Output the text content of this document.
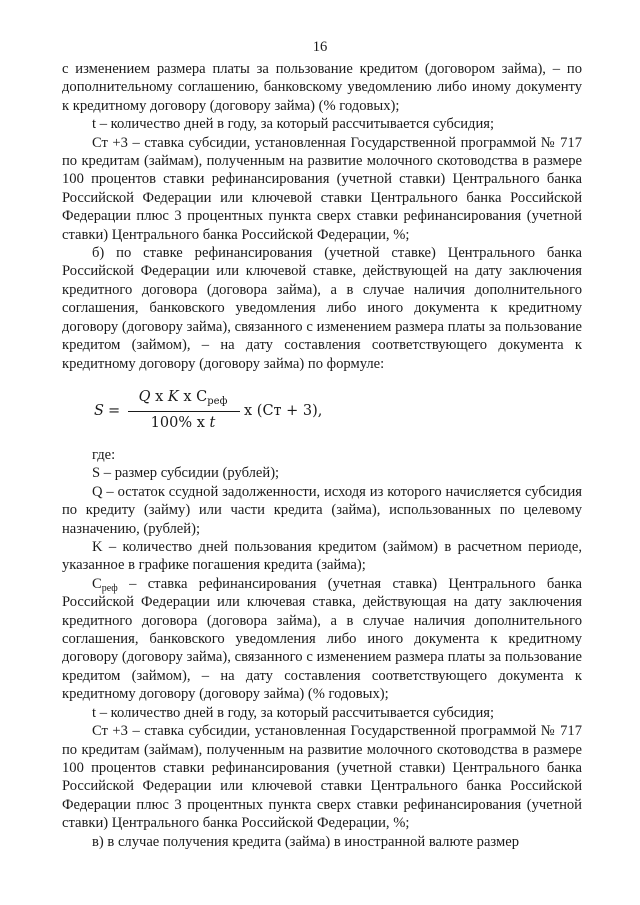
16

с изменением размера платы за пользование кредитом (договором займа), – по дополнительному соглашению, банковскому уведомлению либо иному документу к кредитному договору (договору займа) (% годовых);

t – количество дней в году, за который рассчитывается субсидия;

Ст +3 – ставка субсидии, установленная Государственной программой № 717 по кредитам (займам), полученным на развитие молочного скотоводства в размере 100 процентов ставки рефинансирования (учетной ставки) Центрального банка Российской Федерации или ключевой ставки Центрального банка Российской Федерации плюс 3 процентных пункта сверх ставки рефинансирования (учетной ставки) Центрального банка Российской Федерации, %;

б) по ставке рефинансирования (учетной ставке) Центрального банка Российской Федерации или ключевой ставке, действующей на дату заключения кредитного договора (договора займа), а в случае наличия дополнительного соглашения, банковского уведомления либо иного документа к кредитному договору (договору займа), связанного с изменением размера платы за пользование кредитом (займом), – на дату составления соответствующего документа к кредитному договору (договору займа) по формуле:

S =
Q x K x $C_{реф}$
100% x t
x (Ст + 3),

где:

S – размер субсидии (рублей);

Q – остаток ссудной задолженности, исходя из которого начисляется субсидия по кредиту (займу) или части кредита (займа), использованных по целевому назначению, (рублей);

K – количество дней пользования кредитом (займом) в расчетном периоде, указанное в графике погашения кредита (займа);

$С_{реф}$ – ставка рефинансирования (учетная ставка) Центрального банка Российской Федерации или ключевая ставка, действующая на дату заключения кредитного договора (договора займа), а в случае наличия дополнительного соглашения, банковского уведомления либо иного документа к кредитному договору (договору займа), связанного с изменением размера платы за пользование кредитом (займом), – на дату составления соответствующего документа к кредитному договору (договору займа) (% годовых);

t – количество дней в году, за который рассчитывается субсидия;

Ст +3 – ставка субсидии, установленная Государственной программой № 717 по кредитам (займам), полученным на развитие молочного скотоводства в размере 100 процентов ставки рефинансирования (учетной ставки) Центрального банка Российской Федерации или ключевой ставки Центрального банка Российской Федерации плюс 3 процентных пункта сверх ставки рефинансирования (учетной ставки) Центрального банка Российской Федерации, %;

в) в случае получения кредита (займа) в иностранной валюте размер
